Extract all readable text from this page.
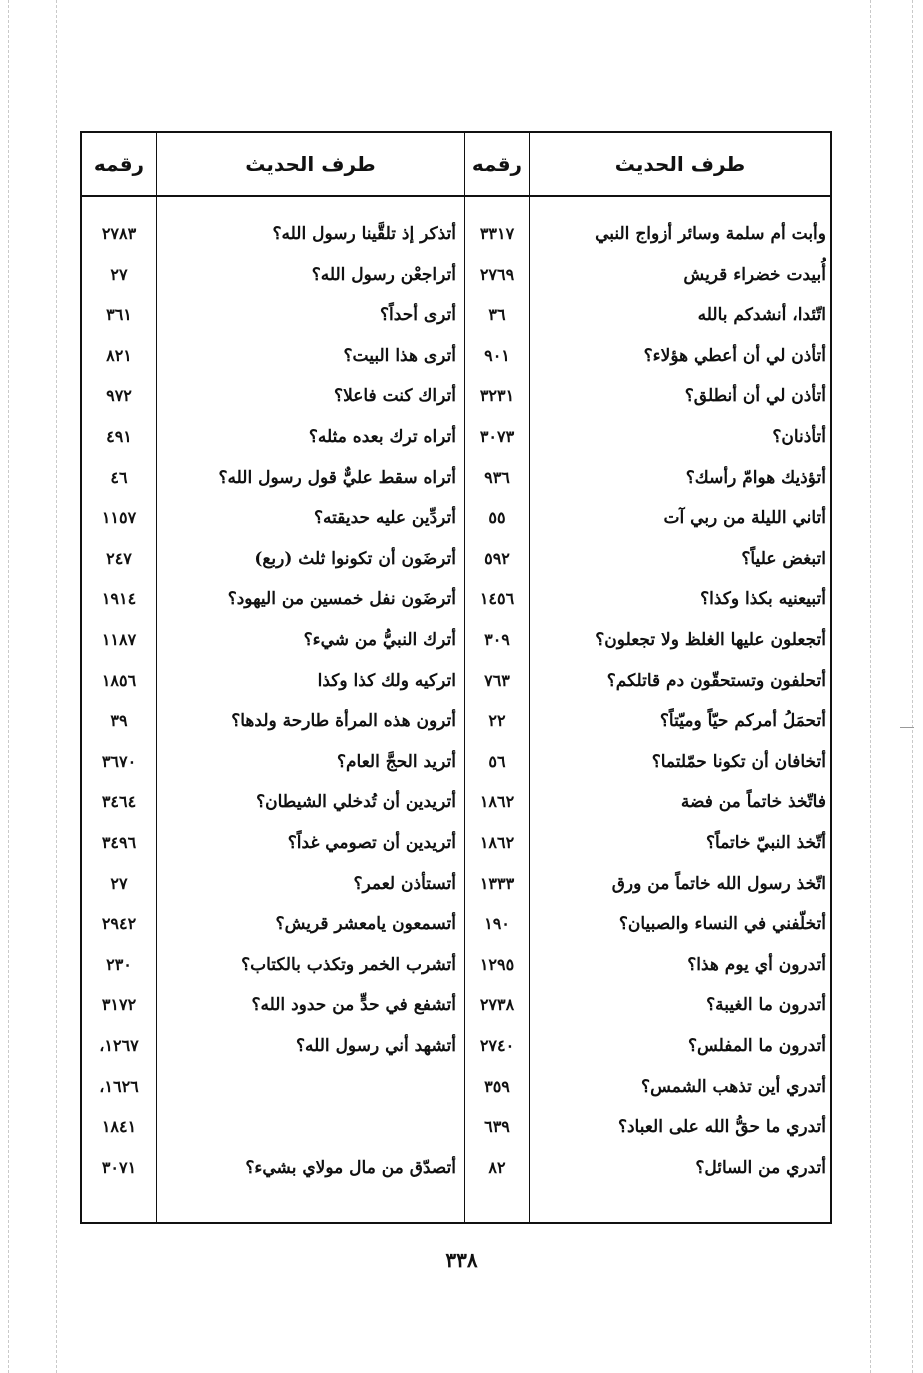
طرف الحديث
رقمه
طرف الحديث
رقمه
وأبت أم سلمة وسائر أزواج النبي
٣٣١٧
أتذكر إذ تلقَّينا رسول الله؟
٢٧٨٣
أُبيدت خضراء قريش
٢٧٦٩
أتراجعْن رسول الله؟
٢٧
اتّئدا، أنشدكم بالله
٣٦
أترى أحداً؟
٣٦١
أتأذن لي أن أعطي هؤلاء؟
٩٠١
أترى هذا البيت؟
٨٢١
أتأذن لي أن أنطلق؟
٣٢٣١
أتراك كنت فاعلا؟
٩٧٢
أتأذنان؟
٣٠٧٣
أتراه ترك بعده مثله؟
٤٩١
أتؤذيك هوامّ رأسك؟
٩٣٦
أتراه سقط عليٌّ قول رسول الله؟
٤٦
أتاني الليلة من ربي آت
٥٥
أتردِّين عليه حديقته؟
١١٥٧
اتبغض علياً؟
٥٩٢
أترضَون أن تكونوا ثلث (ربع)
٢٤٧
أتبيعنيه بكذا وكذا؟
١٤٥٦
أترضَون نفل خمسين من اليهود؟
١٩١٤
أتجعلون عليها الغلظ ولا تجعلون؟
٣٠٩
أترك النبيُّ من شيء؟
١١٨٧
أتحلفون وتستحقّون دم قاتلكم؟
٧٦٣
اتركيه ولك كذا وكذا
١٨٥٦
أتحمَلُ أمركم حيّاً وميّتاً؟
٢٢
أترون هذه المرأة طارحة ولدها؟
٣٩
أتخافان أن تكونا حمّلتما؟
٥٦
أتريد الحجَّ العام؟
٣٦٧٠
فاتّخذ خاتماً من فضة
١٨٦٢
أتريدين أن تُدخلي الشيطان؟
٣٤٦٤
أتّخذ النبيّ خاتماً؟
١٨٦٢
أتريدين أن تصومي غداً؟
٣٤٩٦
اتّخذ رسول الله خاتماً من ورق
١٣٣٣
أتستأذن لعمر؟
٢٧
أتخلّفني في النساء والصبيان؟
١٩٠
أتسمعون يامعشر قريش؟
٢٩٤٢
أتدرون أي يوم هذا؟
١٢٩٥
أتشرب الخمر وتكذب بالكتاب؟
٢٣٠
أتدرون ما الغيبة؟
٢٧٣٨
أتشفع في حدٍّ من حدود الله؟
٣١٧٢
أتدرون ما المفلس؟
٢٧٤٠
أتشهد أني رسول الله؟
١٢٦٧،
أتدري أين تذهب الشمس؟
٣٥٩
١٦٢٦،
أتدري ما حقُّ الله على العباد؟
٦٣٩
١٨٤١
أتدري من السائل؟
٨٢
أتصدّق من مال مولاي بشيء؟
٣٠٧١
٣٣٨
